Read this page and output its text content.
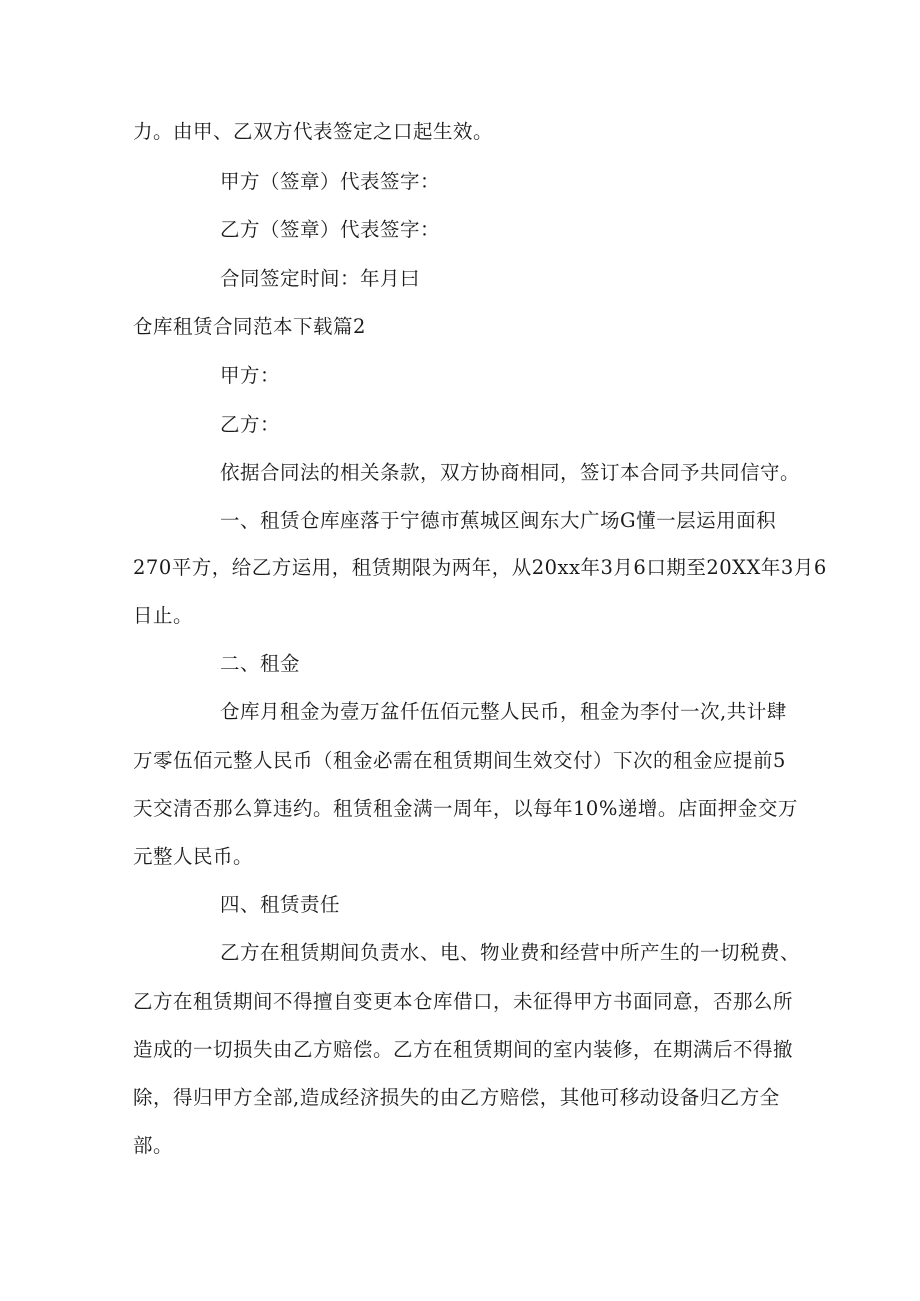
力。由甲、乙双方代表签定之口起生效。
甲方（签章）代表签字：
乙方（签章）代表签字：
合同签定时间：年月曰
仓库租赁合同范本下载篇2
甲方：
乙方：
依据合同法的相关条款，双方协商相同，签订本合同予共同信守。
一、租赁仓库座落于宁德市蕉城区闽东大广场G懂一层运用面积
270平方，给乙方运用，租赁期限为两年，从20xx年3月6口期至20XX年3月6
日止。
二、租金
仓库月租金为壹万盆仟伍佰元整人民币，租金为李付一次,共计肆
万零伍佰元整人民币（租金必需在租赁期间生效交付）下次的租金应提前5
天交清否那么算违约。租赁租金满一周年，以每年10%递增。店面押金交万
元整人民币。
四、租赁责任
乙方在租赁期间负责水、电、物业费和经营中所产生的一切税费、
乙方在租赁期间不得擅自变更本仓库借口，未征得甲方书面同意，否那么所
造成的一切损失由乙方赔偿。乙方在租赁期间的室内装修，在期满后不得撤
除，得归甲方全部,造成经济损失的由乙方赔偿，其他可移动设备归乙方全
部。
